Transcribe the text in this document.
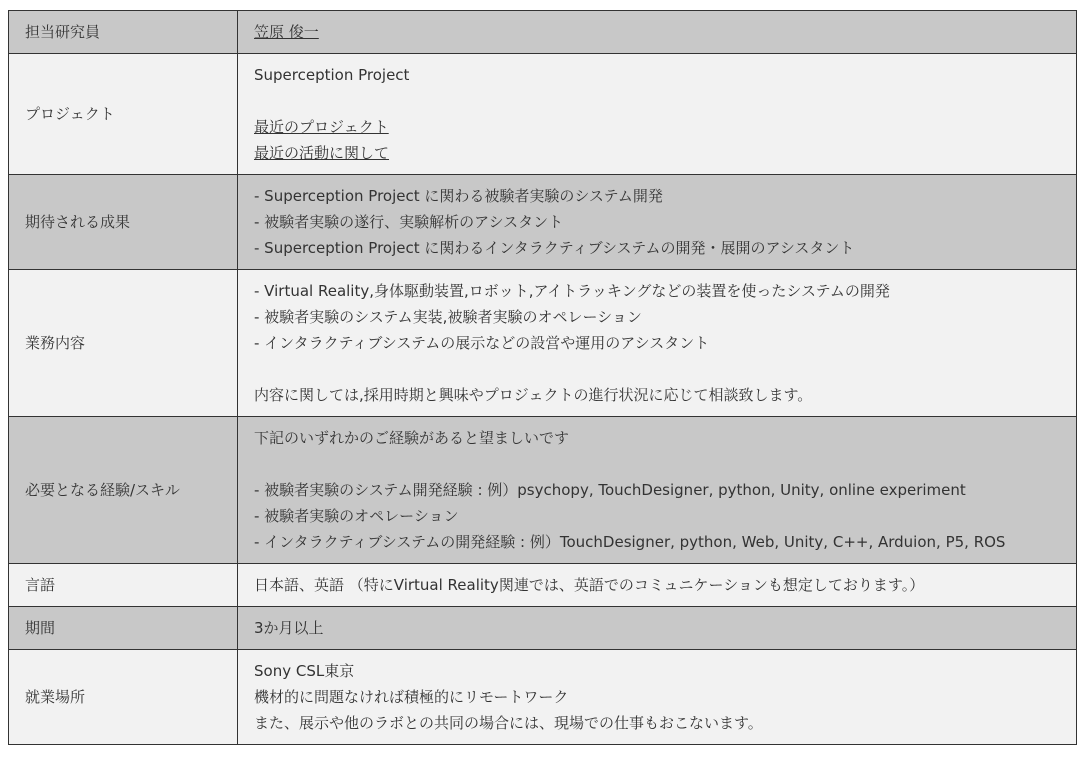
担当研究員	笠原 俊一

プロジェクト	Superception Project
最近のプロジェクト
最近の活動に関して

期待される成果	- Superception Project に関わる被験者実験のシステム開発
- 被験者実験の遂行、実験解析のアシスタント
- Superception Project に関わるインタラクティブシステムの開発・展開のアシスタント

業務内容	- Virtual Reality,身体駆動装置,ロボット,アイトラッキングなどの装置を使ったシステムの開発
- 被験者実験のシステム実装,被験者実験のオペレーション
- インタラクティブシステムの展示などの設営や運用のアシスタント
内容に関しては,採用時期と興味やプロジェクトの進行状況に応じて相談致します。

必要となる経験/スキル	下記のいずれかのご経験があると望ましいです
- 被験者実験のシステム開発経験 : 例）psychopy, TouchDesigner, python, Unity, online experiment
- 被験者実験のオペレーション
- インタラクティブシステムの開発経験 : 例）TouchDesigner, python, Web, Unity, C++, Arduion, P5, ROS

言語	日本語、英語 （特にVirtual Reality関連では、英語でのコミュニケーションも想定しております。）

期間	3か月以上

就業場所	Sony CSL東京
機材的に問題なければ積極的にリモートワーク
また、展示や他のラボとの共同の場合には、現場での仕事もおこないます。
